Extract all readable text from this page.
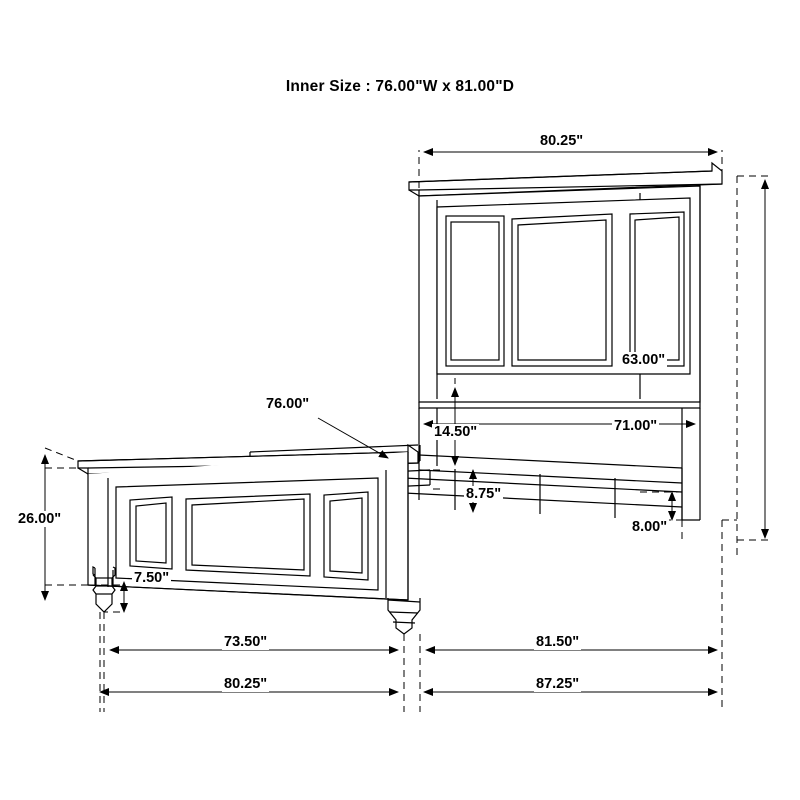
Inner Size : 76.00"W x 81.00"D
80.25"
63.00"
71.00"
14.50"
8.75"
8.00"
26.00"
7.50"
76.00"
73.50"	81.50"
80.25"	87.25"
